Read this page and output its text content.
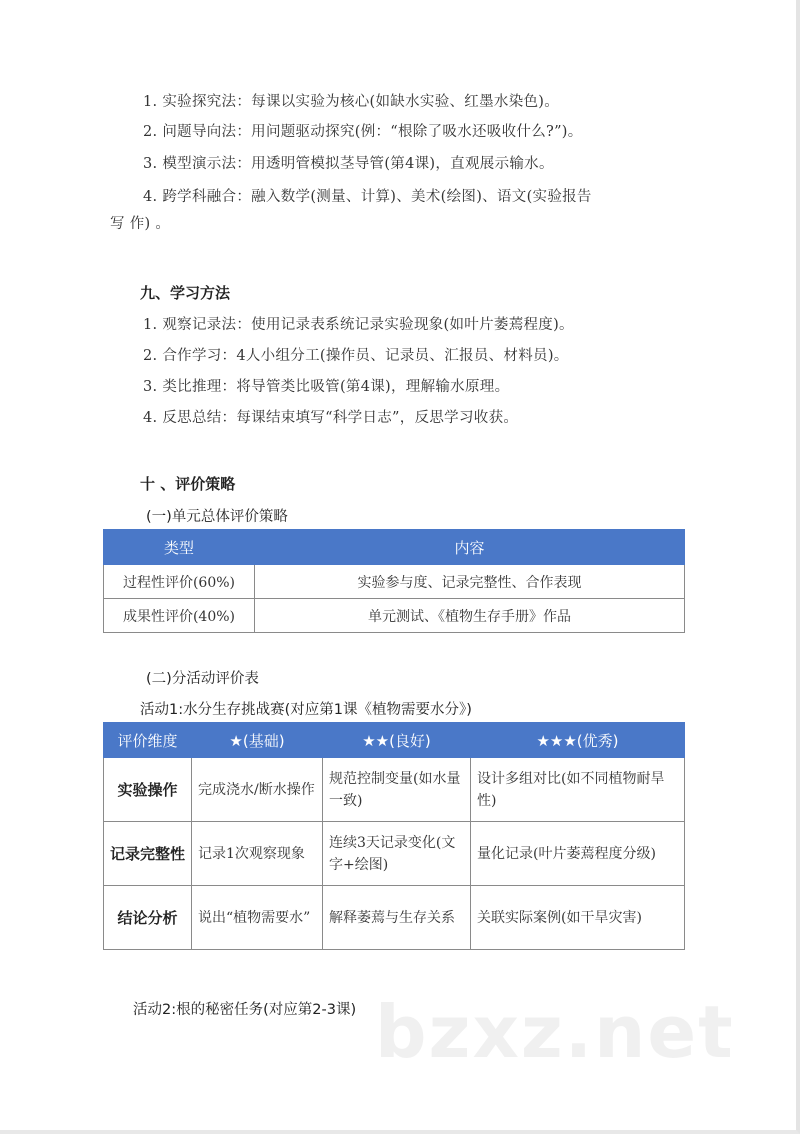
1. 实验探究法：每课以实验为核心(如缺水实验、红墨水染色)。
2. 问题导向法：用问题驱动探究(例：“根除了吸水还吸收什么?”)。
3. 模型演示法：用透明管模拟茎导管(第4课)，直观展示输水。
4. 跨学科融合：融入数学(测量、计算)、美术(绘图)、语文(实验报告
写 作) 。
九、学习方法
1. 观察记录法：使用记录表系统记录实验现象(如叶片萎蔫程度)。
2. 合作学习：4人小组分工(操作员、记录员、汇报员、材料员)。
3. 类比推理：将导管类比吸管(第4课)，理解输水原理。
4. 反思总结：每课结束填写“科学日志”，反思学习收获。
十 、评价策略
(一)单元总体评价策略
类型	内容
过程性评价(60%)	实验参与度、记录完整性、合作表现
成果性评价(40%)	单元测试、《植物生存手册》作品
(二)分活动评价表
活动1:水分生存挑战赛(对应第1课《植物需要水分》)
评价维度	★(基础)	★★(良好)	★★★(优秀)
实验操作	完成浇水/断水操作	规范控制变量(如水量一致)	设计多组对比(如不同植物耐旱性)
记录完整性	记录1次观察现象	连续3天记录变化(文字+绘图)	量化记录(叶片萎蔫程度分级)
结论分析	说出“植物需要水”	解释萎蔫与生存关系	关联实际案例(如干旱灾害)
bzxz.net
活动2:根的秘密任务(对应第2-3课)
